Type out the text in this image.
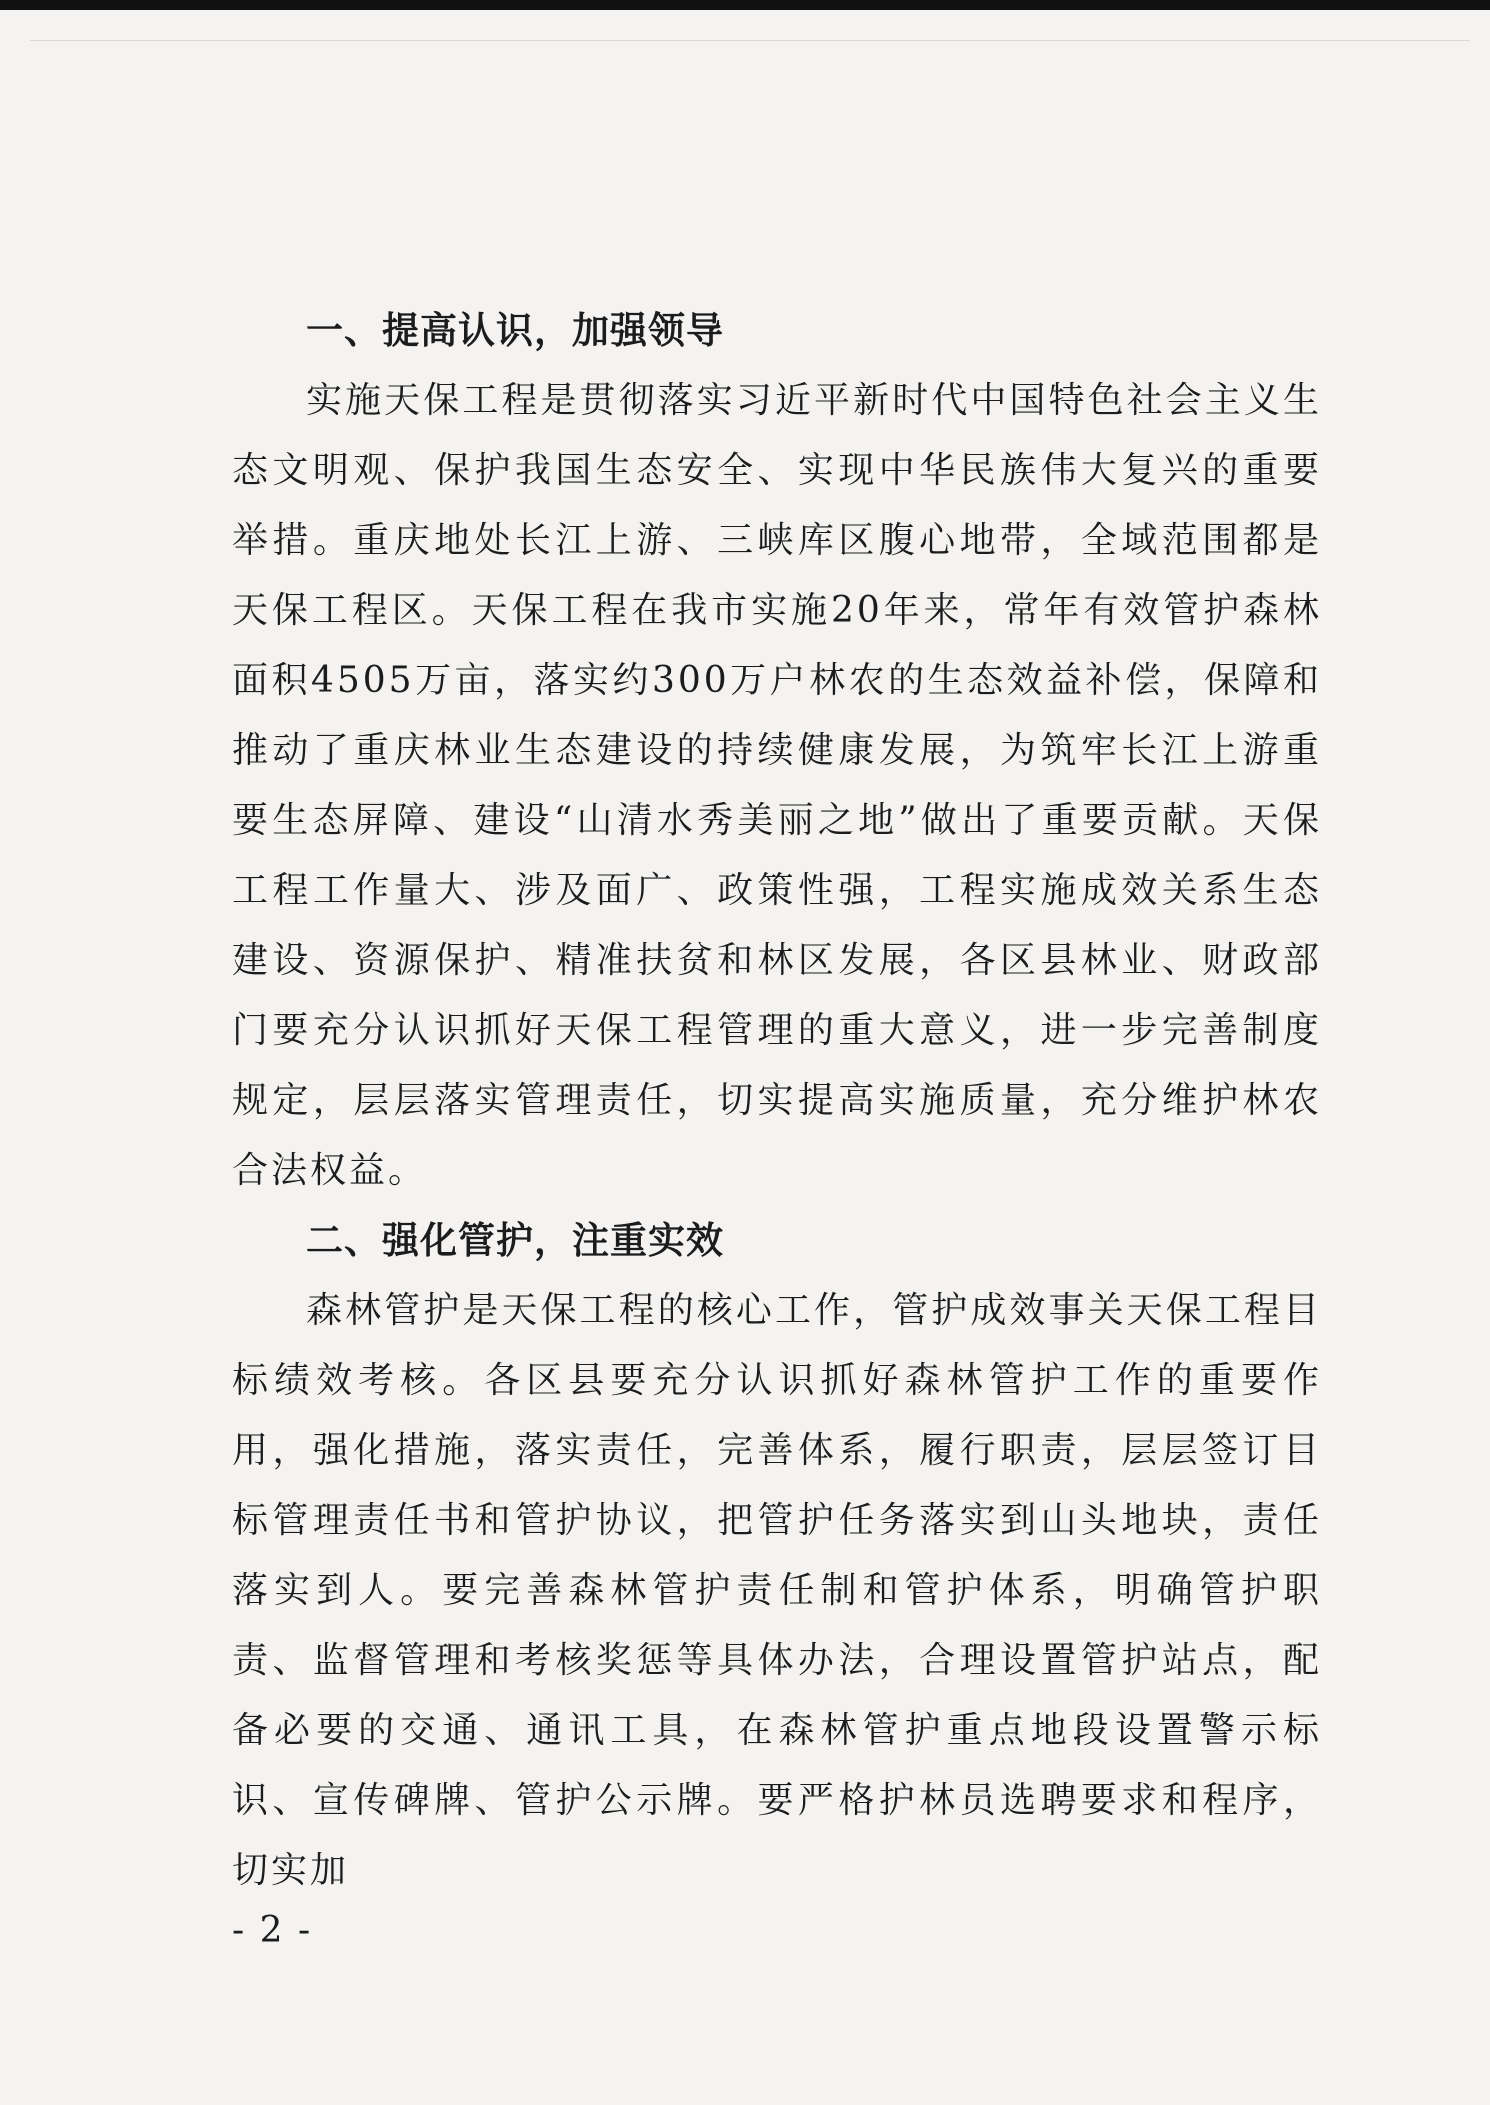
一、提高认识，加强领导

实施天保工程是贯彻落实习近平新时代中国特色社会主义生态文明观、保护我国生态安全、实现中华民族伟大复兴的重要举措。重庆地处长江上游、三峡库区腹心地带，全域范围都是天保工程区。天保工程在我市实施20年来，常年有效管护森林面积4505万亩，落实约300万户林农的生态效益补偿，保障和推动了重庆林业生态建设的持续健康发展，为筑牢长江上游重要生态屏障、建设“山清水秀美丽之地”做出了重要贡献。天保工程工作量大、涉及面广、政策性强，工程实施成效关系生态建设、资源保护、精准扶贫和林区发展，各区县林业、财政部门要充分认识抓好天保工程管理的重大意义，进一步完善制度规定，层层落实管理责任，切实提高实施质量，充分维护林农合法权益。

二、强化管护，注重实效

森林管护是天保工程的核心工作，管护成效事关天保工程目标绩效考核。各区县要充分认识抓好森林管护工作的重要作用，强化措施，落实责任，完善体系，履行职责，层层签订目标管理责任书和管护协议，把管护任务落实到山头地块，责任落实到人。要完善森林管护责任制和管护体系，明确管护职责、监督管理和考核奖惩等具体办法，合理设置管护站点，配备必要的交通、通讯工具，在森林管护重点地段设置警示标识、宣传碑牌、管护公示牌。要严格护林员选聘要求和程序，切实加

- 2 -
